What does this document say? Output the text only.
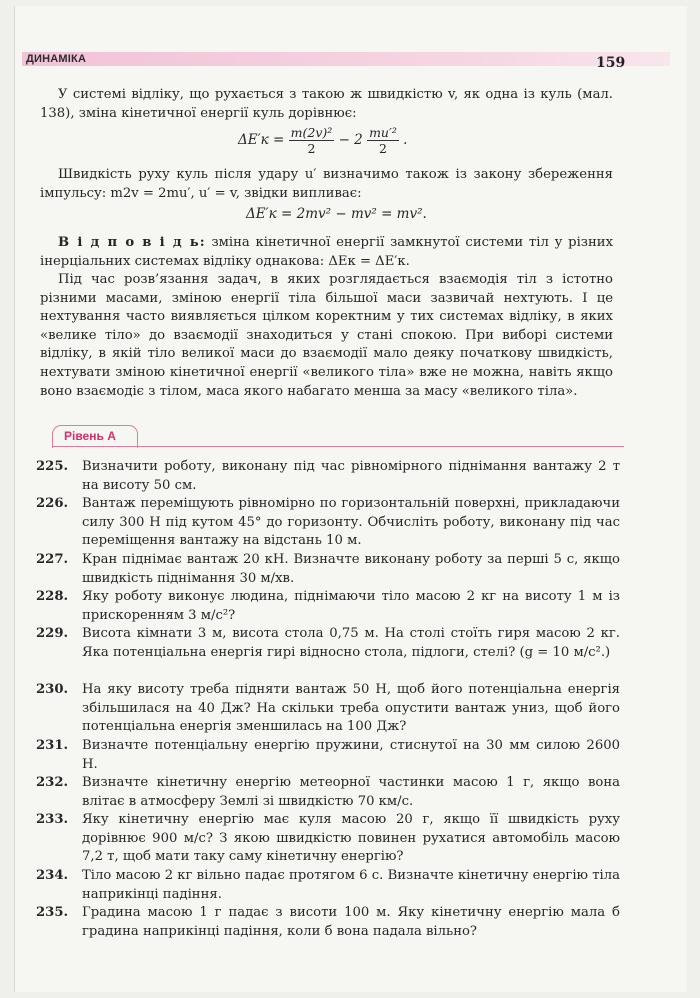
ДИНАМІКА	159

У системі відліку, що рухається з такою ж швидкістю v, як одна із куль (мал. 138), зміна кінетичної енергії куль дорівнює:

$\Delta E'к = \frac{\text{m(2v)²}}{2} - 2 \frac{\text{mu′²}}{2}$ .

Швидкість руху куль після удару u′ визначимо також із закону збереження імпульсу: m2v = 2mu′, u′ = v, звідки випливає:

ΔE′к = 2mv² − mv² = mv².

В і д п о в і д ь: зміна кінетичної енергії замкнутої системи тіл у різних інерціальних системах відліку однакова: ΔEк = ΔE′к.

Під час розв’язання задач, в яких розглядається взаємодія тіл з істотно різними масами, зміною енергії тіла більшої маси зазвичай нехтують. І це нехтування часто виявляється цілком коректним у тих системах відліку, в яких «велике тіло» до взаємодії знаходиться у стані спокою. При виборі системи відліку, в якій тіло великої маси до взаємодії мало деяку початкову швидкість, нехтувати зміною кінетичної енергії «великого тіла» вже не можна, навіть якщо воно взаємодіє з тілом, маса якого набагато менша за масу «великого тіла».

Рівень А
225. Визначити роботу, виконану під час рівномірного піднімання вантажу 2 т на висоту 50 см.
226. Вантаж переміщують рівномірно по горизонтальній поверхні, прикладаючи силу 300 Н під кутом 45° до горизонту. Обчисліть роботу, виконану під час переміщення вантажу на відстань 10 м.
227. Кран піднімає вантаж 20 кН. Визначте виконану роботу за перші 5 с, якщо швидкість піднімання 30 м/хв.
228. Яку роботу виконує людина, піднімаючи тіло масою 2 кг на висоту 1 м із прискоренням 3 м/с²?
229. Висота кімнати 3 м, висота стола 0,75 м. На столі стоїть гиря масою 2 кг. Яка потенціальна енергія гирі відносно стола, підлоги, стелі? (g = 10 м/с².)
230. На яку висоту треба підняти вантаж 50 Н, щоб його потенціальна енергія збільшилася на 40 Дж? На скільки треба опустити вантаж униз, щоб його потенціальна енергія зменшилась на 100 Дж?
231. Визначте потенціальну енергію пружини, стиснутої на 30 мм силою 2600 Н.
232. Визначте кінетичну енергію метеорної частинки масою 1 г, якщо вона влітає в атмосферу Землі зі швидкістю 70 км/с.
233. Яку кінетичну енергію має куля масою 20 г, якщо її швидкість руху дорівнює 900 м/с? З якою швидкістю повинен рухатися автомобіль масою 7,2 т, щоб мати таку саму кінетичну енергію?
234. Тіло масою 2 кг вільно падає протягом 6 с. Визначте кінетичну енергію тіла наприкінці падіння.
235. Градина масою 1 г падає з висоти 100 м. Яку кінетичну енергію мала б градина наприкінці падіння, коли б вона падала вільно?
